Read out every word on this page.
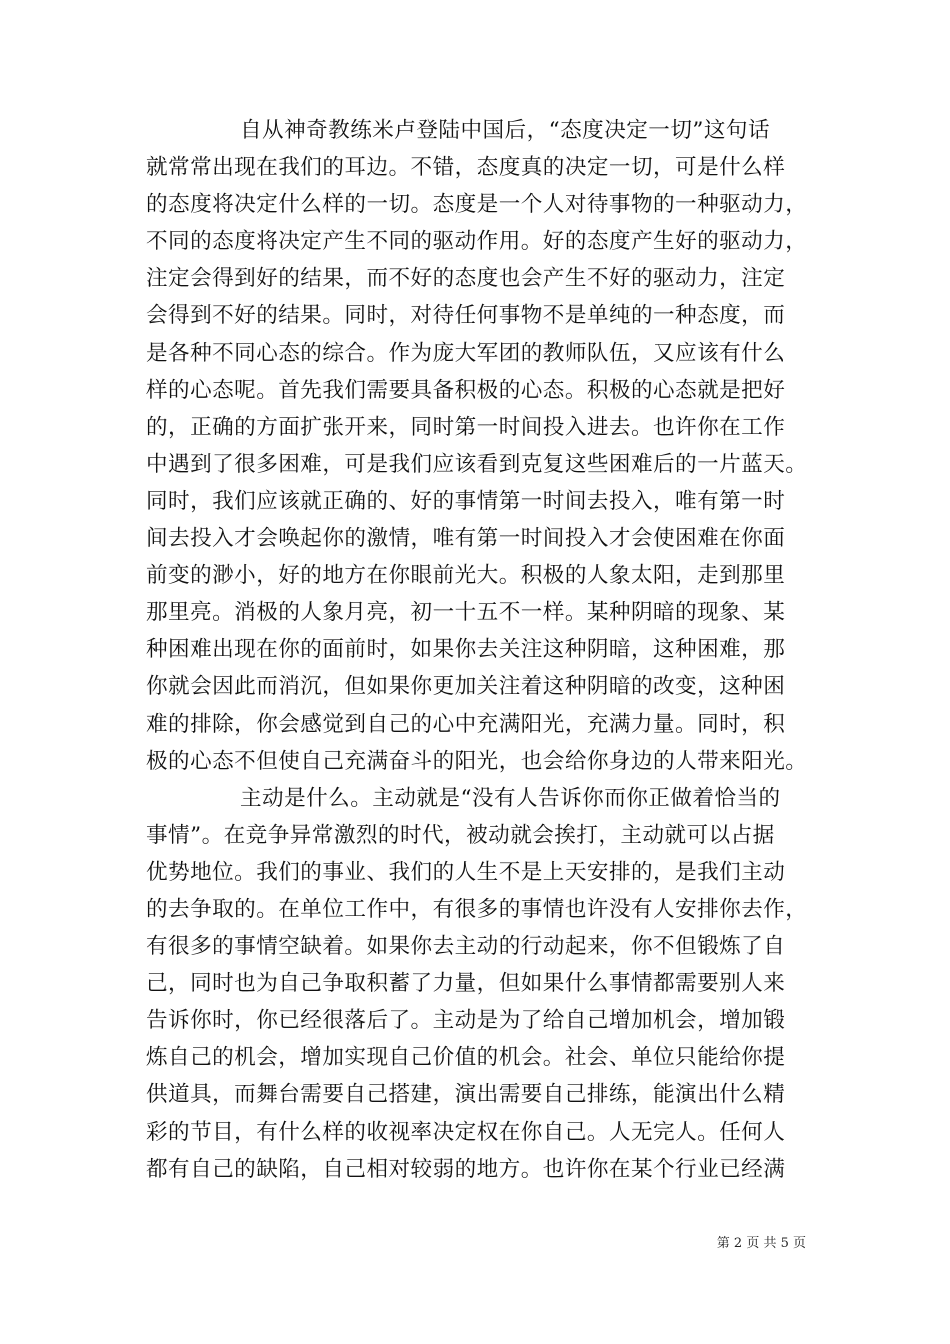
自从神奇教练米卢登陆中国后，“态度决定一切”这句话
就常常出现在我们的耳边。不错，态度真的决定一切，可是什么样
的态度将决定什么样的一切。态度是一个人对待事物的一种驱动力，
不同的态度将决定产生不同的驱动作用。好的态度产生好的驱动力，
注定会得到好的结果，而不好的态度也会产生不好的驱动力，注定
会得到不好的结果。同时，对待任何事物不是单纯的一种态度，而
是各种不同心态的综合。作为庞大军团的教师队伍，又应该有什么
样的心态呢。首先我们需要具备积极的心态。积极的心态就是把好
的，正确的方面扩张开来，同时第一时间投入进去。也许你在工作
中遇到了很多困难，可是我们应该看到克复这些困难后的一片蓝天。
同时，我们应该就正确的、好的事情第一时间去投入，唯有第一时
间去投入才会唤起你的激情，唯有第一时间投入才会使困难在你面
前变的渺小，好的地方在你眼前光大。积极的人象太阳，走到那里
那里亮。消极的人象月亮，初一十五不一样。某种阴暗的现象、某
种困难出现在你的面前时，如果你去关注这种阴暗，这种困难，那
你就会因此而消沉，但如果你更加关注着这种阴暗的改变，这种困
难的排除，你会感觉到自己的心中充满阳光，充满力量。同时，积
极的心态不但使自己充满奋斗的阳光，也会给你身边的人带来阳光。
主动是什么。主动就是“没有人告诉你而你正做着恰当的
事情”。在竞争异常激烈的时代，被动就会挨打，主动就可以占据
优势地位。我们的事业、我们的人生不是上天安排的，是我们主动
的去争取的。在单位工作中，有很多的事情也许没有人安排你去作，
有很多的事情空缺着。如果你去主动的行动起来，你不但锻炼了自
己，同时也为自己争取积蓄了力量，但如果什么事情都需要别人来
告诉你时，你已经很落后了。主动是为了给自己增加机会，增加锻
炼自己的机会，增加实现自己价值的机会。社会、单位只能给你提
供道具，而舞台需要自己搭建，演出需要自己排练，能演出什么精
彩的节目，有什么样的收视率决定权在你自己。人无完人。任何人
都有自己的缺陷，自己相对较弱的地方。也许你在某个行业已经满
第 2 页 共 5 页
